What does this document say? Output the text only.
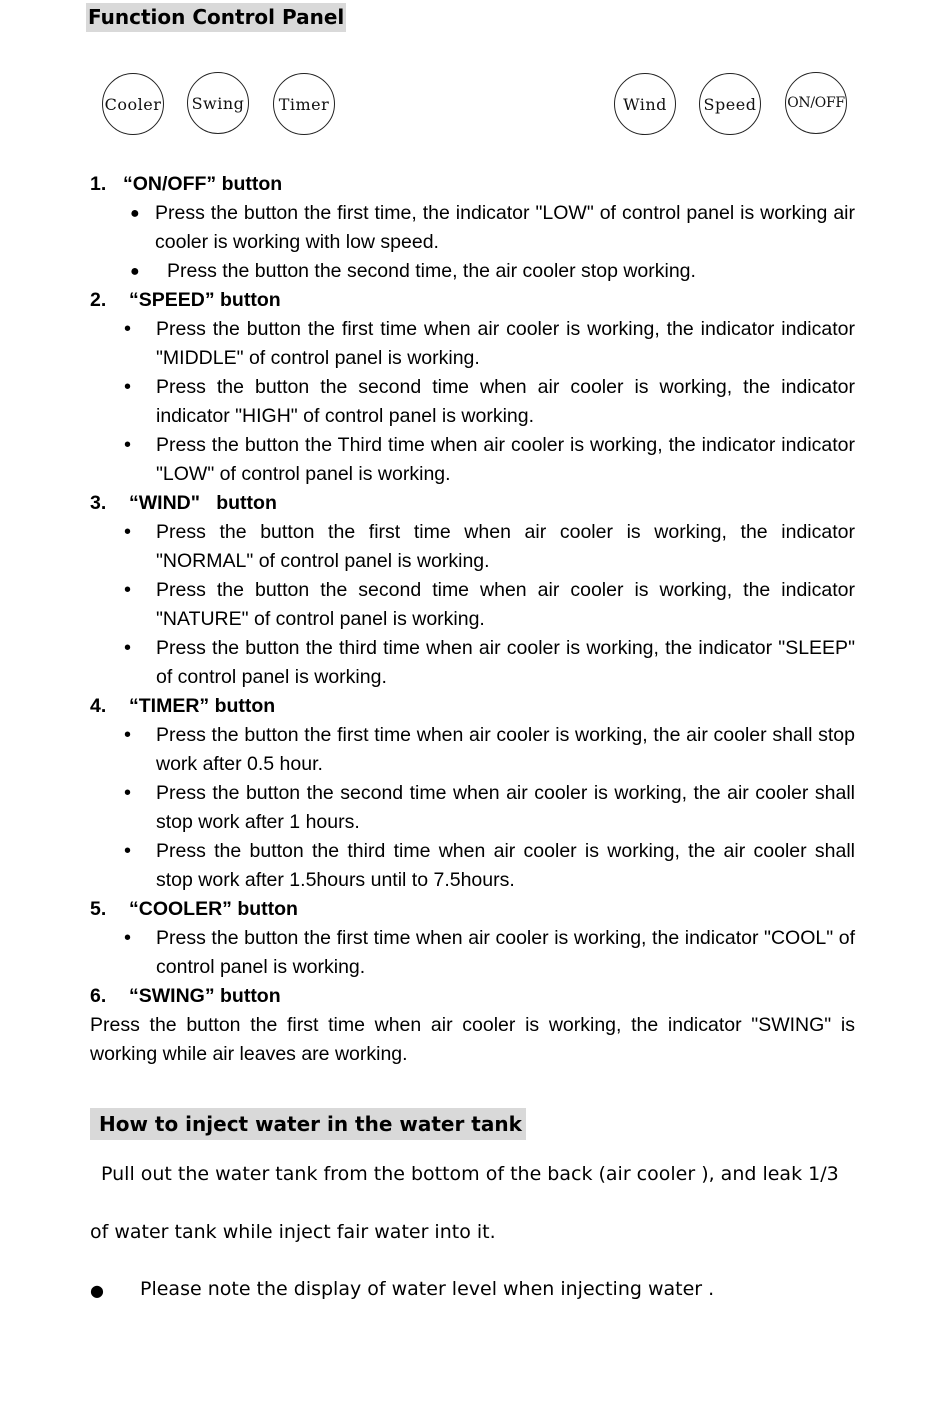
Function Control Panel
Cooler Swing	Timer	Wind	Speed	ON/OFF
1. “ON/OFF” button
● Press the button the first time, the indicator "LOW" of control panel is working air cooler is working with low speed.
● Press the button the second time, the air cooler stop working.
2.	“SPEED” button
• Press the button the first time when air cooler is working, the indicator indicator "MIDDLE" of control panel is working.
• Press the button the second time when air cooler is working, the indicator indicator "HIGH" of control panel is working.
• Press the button the Third time when air cooler is working, the indicator indicator "LOW" of control panel is working.
3.	“WIND"   button
• Press the button the first time when air cooler is working, the indicator "NORMAL" of control panel is working.
• Press the button the second time when air cooler is working, the indicator "NATURE" of control panel is working.
• Press the button the third time when air cooler is working, the indicator "SLEEP" of control panel is working.
4.	“TIMER” button
• Press the button the first time when air cooler is working, the air cooler shall stop work after 0.5 hour.
• Press the button the second time when air cooler is working, the air cooler shall stop work after 1 hours.
• Press the button the third time when air cooler is working, the air cooler shall stop work after 1.5hours until to 7.5hours.
5.	“COOLER” button
• Press the button the first time when air cooler is working, the indicator "COOL" of control panel is working.
6.	“SWING” button
Press the button the first time when air cooler is working, the indicator "SWING" is working while air leaves are working.
How to inject water in the water tank
Pull out the water tank from the bottom of the back (air cooler ), and leak 1/3
of water tank while inject fair water into it.
● Please note the display of water level when injecting water .
